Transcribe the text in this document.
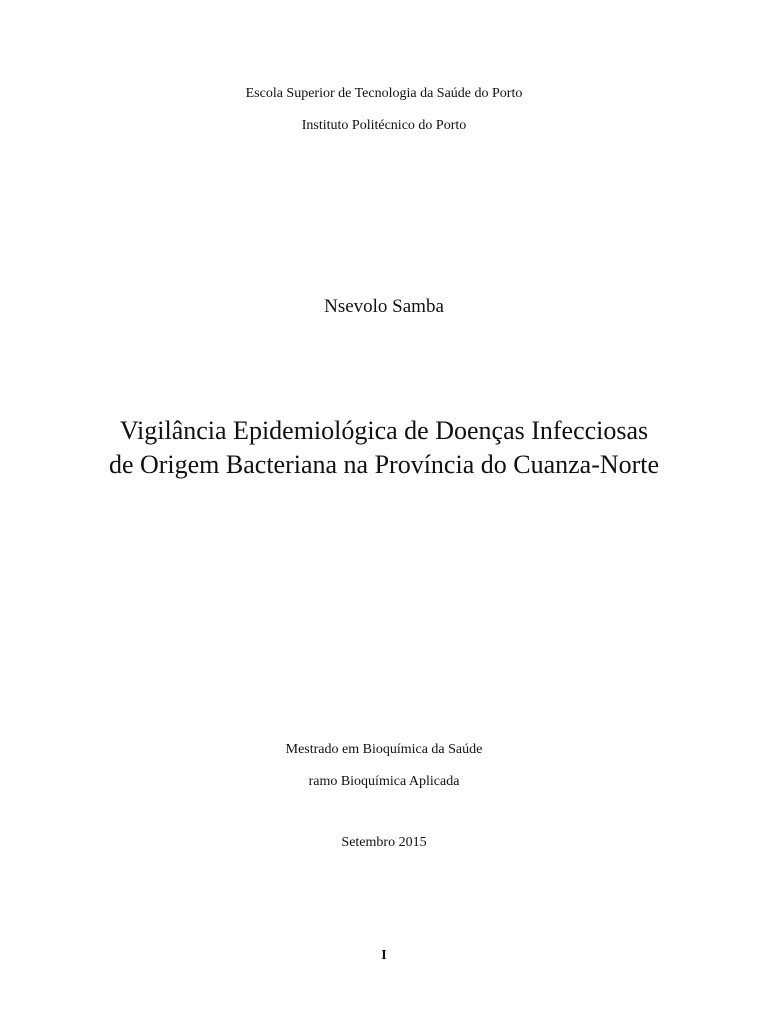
Escola Superior de Tecnologia da Saúde do Porto
Instituto Politécnico do Porto
Nsevolo Samba
Vigilância Epidemiológica de Doenças Infecciosas
de Origem Bacteriana na Província do Cuanza-Norte
Mestrado em Bioquímica da Saúde
ramo Bioquímica Aplicada
Setembro 2015
I
